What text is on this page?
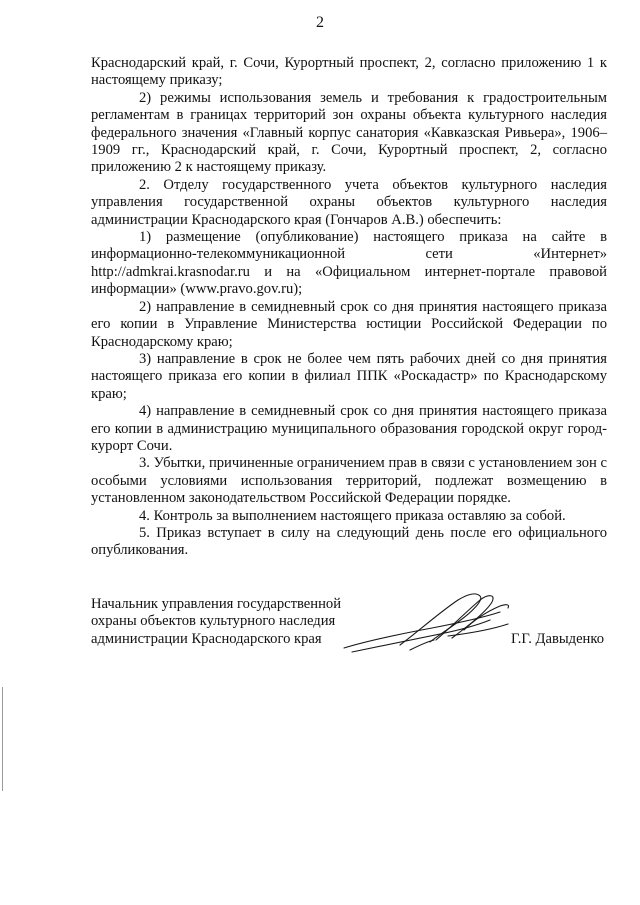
2

Краснодарский край, г. Сочи, Курортный проспект, 2, согласно приложению 1 к настоящему приказу;

2) режимы использования земель и требования к градостроительным регламентам в границах территорий зон охраны объекта культурного наследия федерального значения «Главный корпус санатория «Кавказская Ривьера», 1906–1909 гг., Краснодарский край, г. Сочи, Курортный проспект, 2, согласно приложению 2 к настоящему приказу.

2. Отделу государственного учета объектов культурного наследия управления государственной охраны объектов культурного наследия администрации Краснодарского края (Гончаров А.В.) обеспечить:

1) размещение (опубликование) настоящего приказа на сайте в информационно-телекоммуникационной сети «Интернет» http://admkrai.krasnodar.ru и на «Официальном интернет-портале правовой информации» (www.pravo.gov.ru);

2) направление в семидневный срок со дня принятия настоящего приказа его копии в Управление Министерства юстиции Российской Федерации по Краснодарскому краю;

3) направление в срок не более чем пять рабочих дней со дня принятия настоящего приказа его копии в филиал ППК «Роскадастр» по Краснодарскому краю;

4) направление в семидневный срок со дня принятия настоящего приказа его копии в администрацию муниципального образования городской округ город-курорт Сочи.

3. Убытки, причиненные ограничением прав в связи с установлением зон с особыми условиями использования территорий, подлежат возмещению в установленном законодательством Российской Федерации порядке.

4. Контроль за выполнением настоящего приказа оставляю за собой.

5. Приказ вступает в силу на следующий день после его официального опубликования.

Начальник управления государственной
охраны объектов культурного наследия
администрации Краснодарского края	Г.Г. Давыденко
